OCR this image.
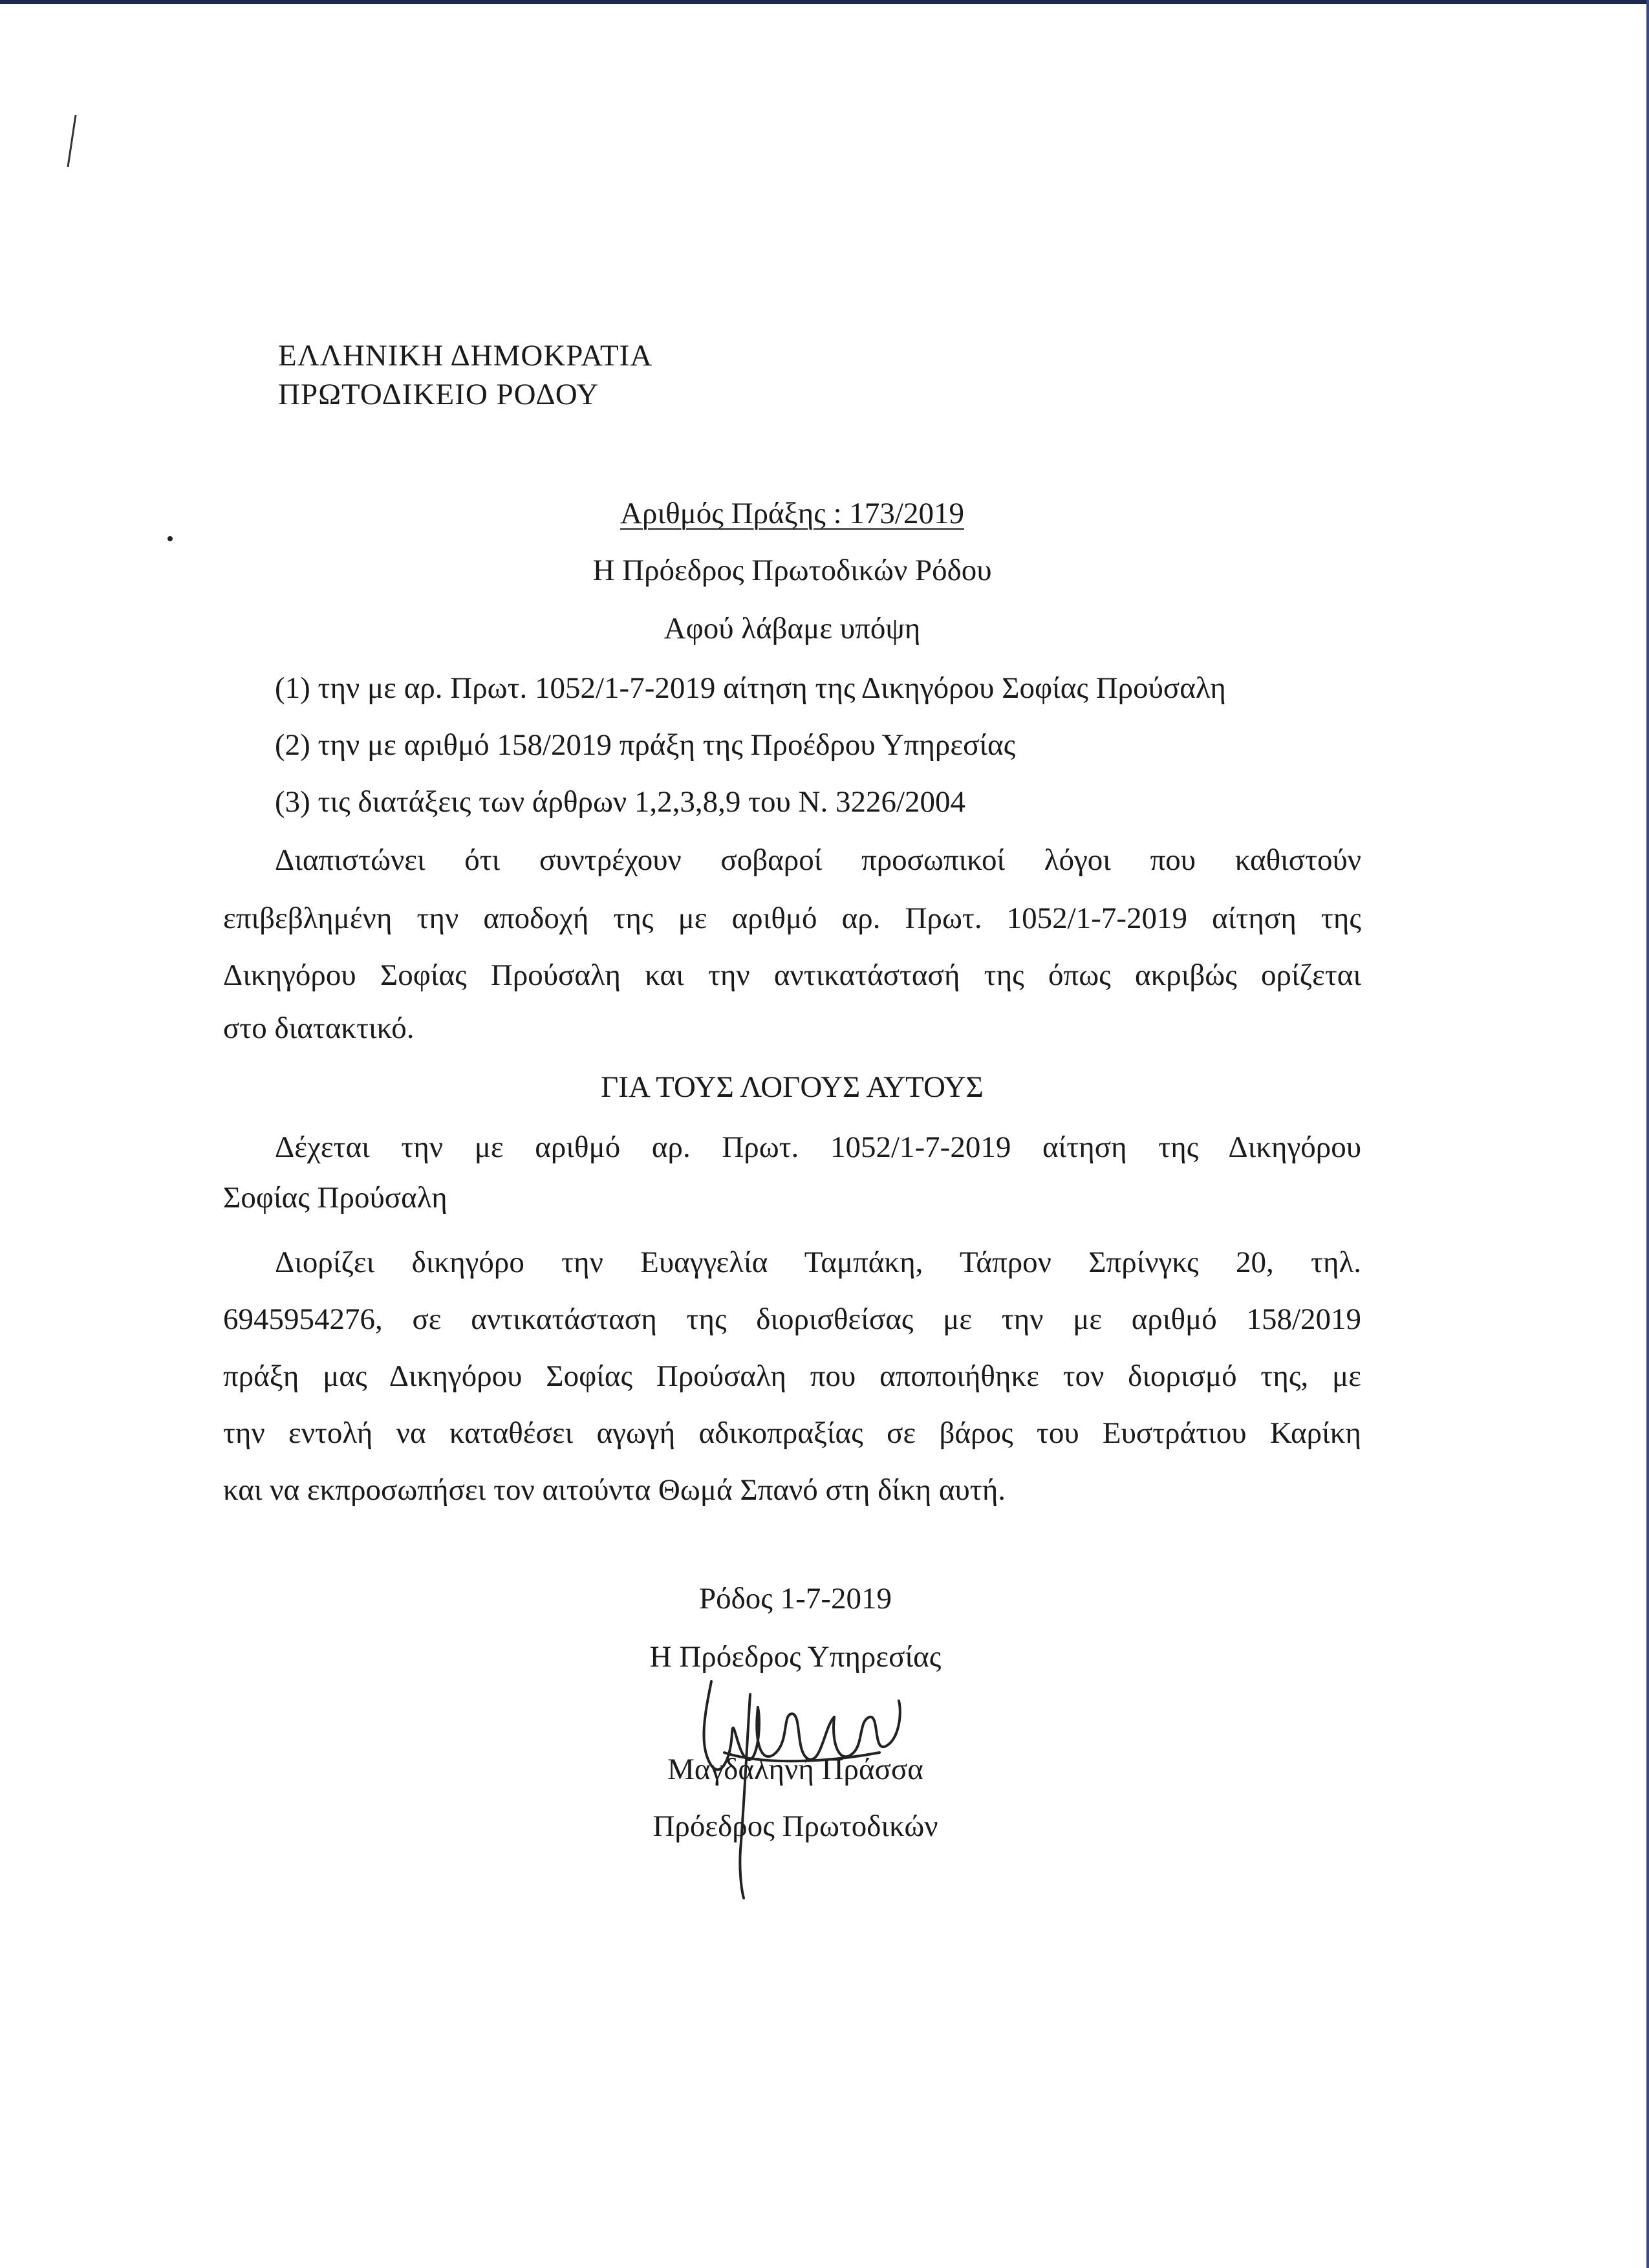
ΕΛΛΗΝΙΚΗ ΔΗΜΟΚΡΑΤΙΑ
ΠΡΩΤΟΔΙΚΕΙΟ ΡΟΔΟΥ
Αριθμός Πράξης : 173/2019
Η Πρόεδρος Πρωτοδικών Ρόδου
Αφού λάβαμε υπόψη
(1) την με αρ. Πρωτ. 1052/1-7-2019 αίτηση της Δικηγόρου Σοφίας Προύσαλη
(2) την με αριθμό 158/2019 πράξη της Προέδρου Υπηρεσίας
(3) τις διατάξεις των άρθρων 1,2,3,8,9 του Ν. 3226/2004
Διαπιστώνει ότι συντρέχουν σοβαροί προσωπικοί λόγοι που καθιστούν
επιβεβλημένη την αποδοχή της με αριθμό αρ. Πρωτ. 1052/1-7-2019 αίτηση της
Δικηγόρου Σοφίας Προύσαλη και την αντικατάστασή της όπως ακριβώς ορίζεται
στο διατακτικό.
ΓΙΑ ΤΟΥΣ ΛΟΓΟΥΣ ΑΥΤΟΥΣ
Δέχεται την με αριθμό αρ. Πρωτ. 1052/1-7-2019 αίτηση της Δικηγόρου
Σοφίας Προύσαλη
Διορίζει δικηγόρο την Ευαγγελία Ταμπάκη, Τάπρον Σπρίνγκς 20, τηλ.
6945954276, σε αντικατάσταση της διορισθείσας με την με αριθμό 158/2019
πράξη μας Δικηγόρου Σοφίας Προύσαλη που αποποιήθηκε τον διορισμό της, με
την εντολή να καταθέσει αγωγή αδικοπραξίας σε βάρος του Ευστράτιου Καρίκη
και να εκπροσωπήσει τον αιτούντα Θωμά Σπανό στη δίκη αυτή.
Ρόδος 1-7-2019
Η Πρόεδρος Υπηρεσίας
Μαγδαληνή Πράσσα
Πρόεδρος Πρωτοδικών
